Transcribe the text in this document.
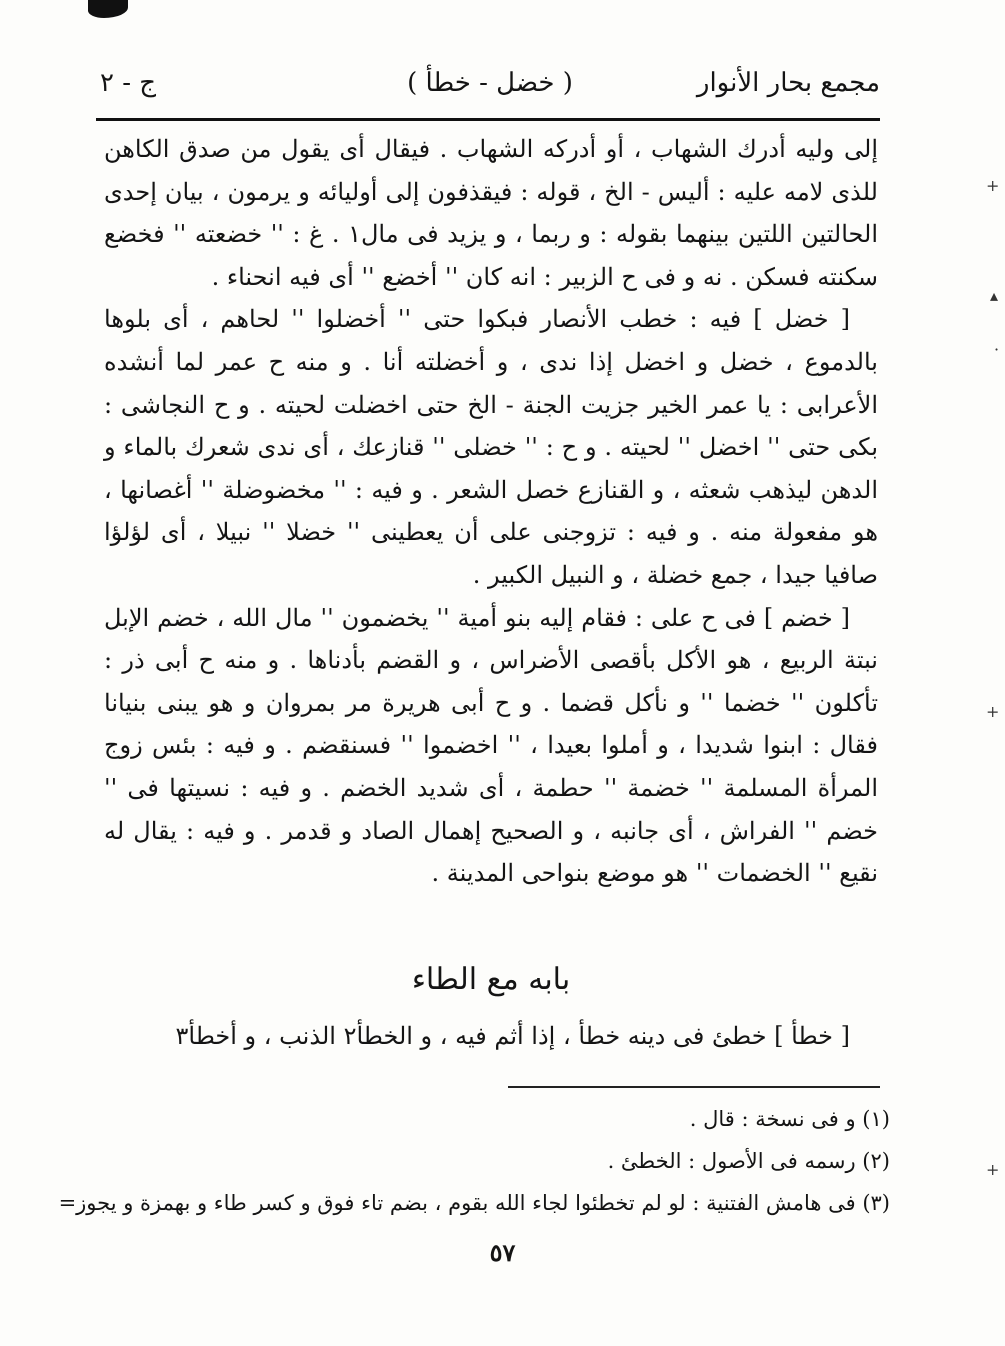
+
▴
·
+
+
مجمع بحار الأنوار
( خضل - خطأ )
ج - ٢

إلى وليه أدرك الشهاب ، أو أدركه الشهاب . فيقال أى يقول من صدق الكاهن للذى لامه عليه : أليس - الخ ، قوله : فيقذفون إلى أوليائه و يرمون ، بيان إحدى الحالتين اللتين بينهما بقوله : و ربما ، و يزيد فى مال١ . غ : '' خضعته '' فخضع سكنته فسكن . نه و فى ح الزبير : انه كان '' أخضع '' أى فيه انحناء .

[ خضل ] فيه : خطب الأنصار فبكوا حتى '' أخضلوا '' لحاهم ، أى بلوها بالدموع ، خضل و اخضل إذا ندى ، و أخضلته أنا . و منه ح عمر لما أنشده الأعرابى : يا عمر الخير جزيت الجنة - الخ حتى اخضلت لحيته . و ح النجاشى : بكى حتى '' اخضل '' لحيته . و ح : '' خضلى '' قنازعك ، أى ندى شعرك بالماء و الدهن ليذهب شعثه ، و القنازع خصل الشعر . و فيه : '' مخضوضلة '' أغصانها ، هو مفعولة منه . و فيه : تزوجنى على أن يعطينى '' خضلا '' نبيلا ، أى لؤلؤا صافيا جيدا ، جمع خضلة ، و النبيل الكبير .

[ خضم ] فى ح على : فقام إليه بنو أمية '' يخضمون '' مال الله ، خضم الإبل نبتة الربيع ، هو الأكل بأقصى الأضراس ، و القضم بأدناها . و منه ح أبى ذر : تأكلون '' خضما '' و نأكل قضما . و ح أبى هريرة مر بمروان و هو يبنى بنيانا فقال : ابنوا شديدا ، و أملوا بعيدا ، '' اخضموا '' فسنقضم . و فيه : بئس زوج المرأة المسلمة '' خضمة '' حطمة ، أى شديد الخضم . و فيه : نسيتها فى '' خضم '' الفراش ، أى جانبه ، و الصحيح إهمال الصاد و قدمر . و فيه : يقال له نقيع '' الخضمات '' هو موضع بنواحى المدينة .

بابه مع الطاء
[ خطأ ] خطئ فى دينه خطأ ، إذا أثم فيه ، و الخطأ٢ الذنب ، و أخطأ٣
(١) و فى نسخة : قال .
(٢) رسمه فى الأصول : الخطئ .
(٣) فى هامش الفتنية : لو لم تخطئوا لجاء الله بقوم ، بضم تاء فوق و كسر طاء و بهمزة و يجوز=
٥٧
